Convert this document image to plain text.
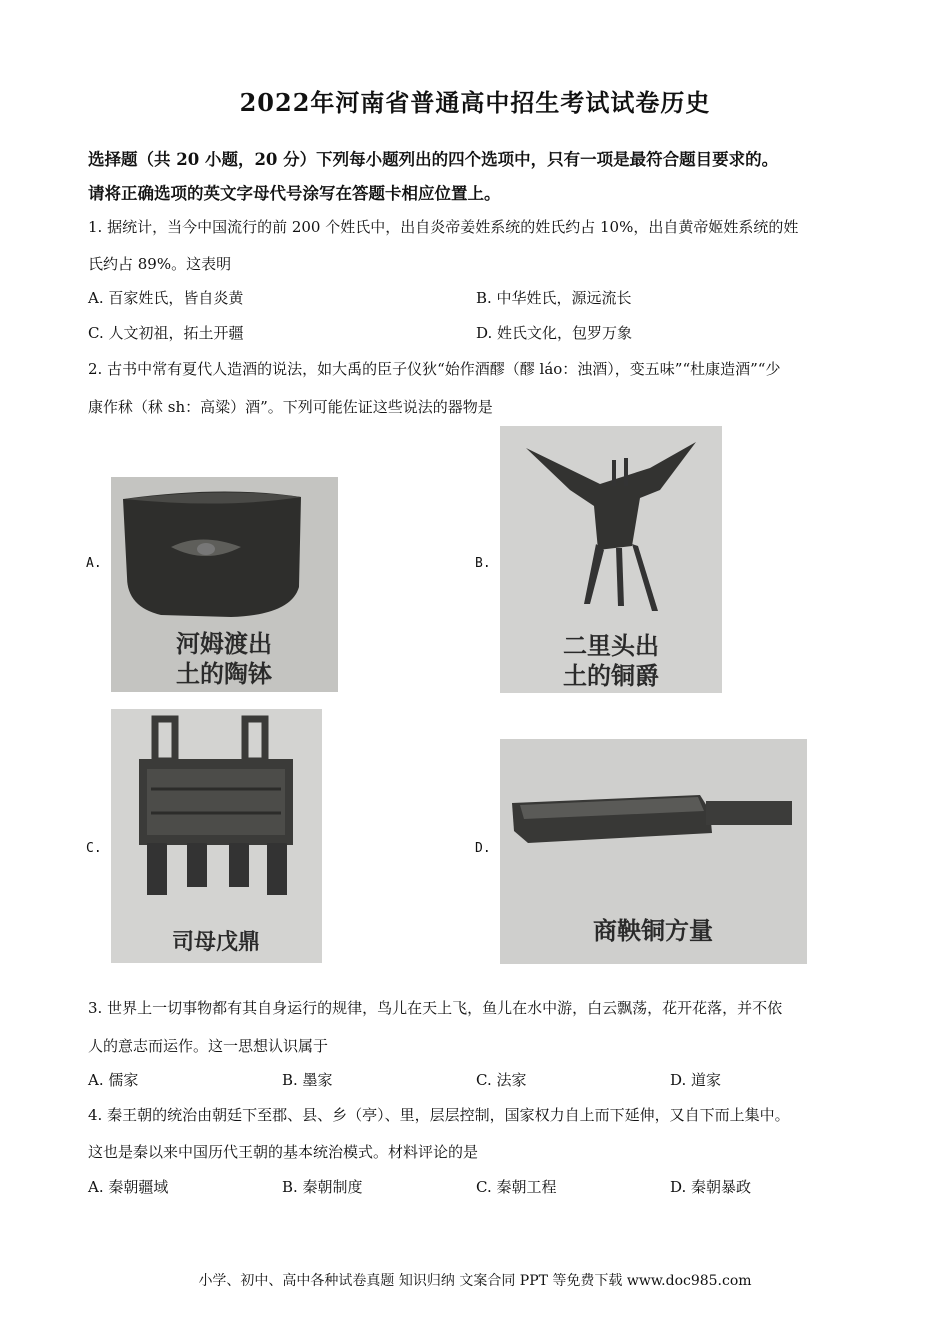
2022年河南省普通高中招生考试试卷历史
选择题（共 20 小题，20 分）下列每小题列出的四个选项中，只有一项是最符合题目要求的。
请将正确选项的英文字母代号涂写在答题卡相应位置上。
1. 据统计，当今中国流行的前 200 个姓氏中，出自炎帝姜姓系统的姓氏约占 10%，出自黄帝姬姓系统的姓
氏约占 89%。这表明
A. 百家姓氏，皆自炎黄	B. 中华姓氏，源远流长
C. 人文初祖，拓土开疆	D. 姓氏文化，包罗万象
2. 古书中常有夏代人造酒的说法，如大禹的臣子仪狄“始作酒醪（醪 láo：浊酒），变五味”“杜康造酒”“少
康作秫（秫 sh：高粱）酒”。下列可能佐证这些说法的器物是
A.
河姆渡出
土的陶钵
B.
二里头出
土的铜爵
C.
司母戊鼎
D.
商鞅铜方量
3. 世界上一切事物都有其自身运行的规律，鸟儿在天上飞，鱼儿在水中游，白云飘荡，花开花落，并不依
人的意志而运作。这一思想认识属于
A. 儒家	B. 墨家	C. 法家	D. 道家
4. 秦王朝的统治由朝廷下至郡、县、乡（亭）、里，层层控制，国家权力自上而下延伸，又自下而上集中。
这也是秦以来中国历代王朝的基本统治模式。材料评论的是
A. 秦朝疆域	B. 秦朝制度	C. 秦朝工程	D. 秦朝暴政
小学、初中、高中各种试卷真题 知识归纳 文案合同 PPT 等免费下载 www.doc985.com
